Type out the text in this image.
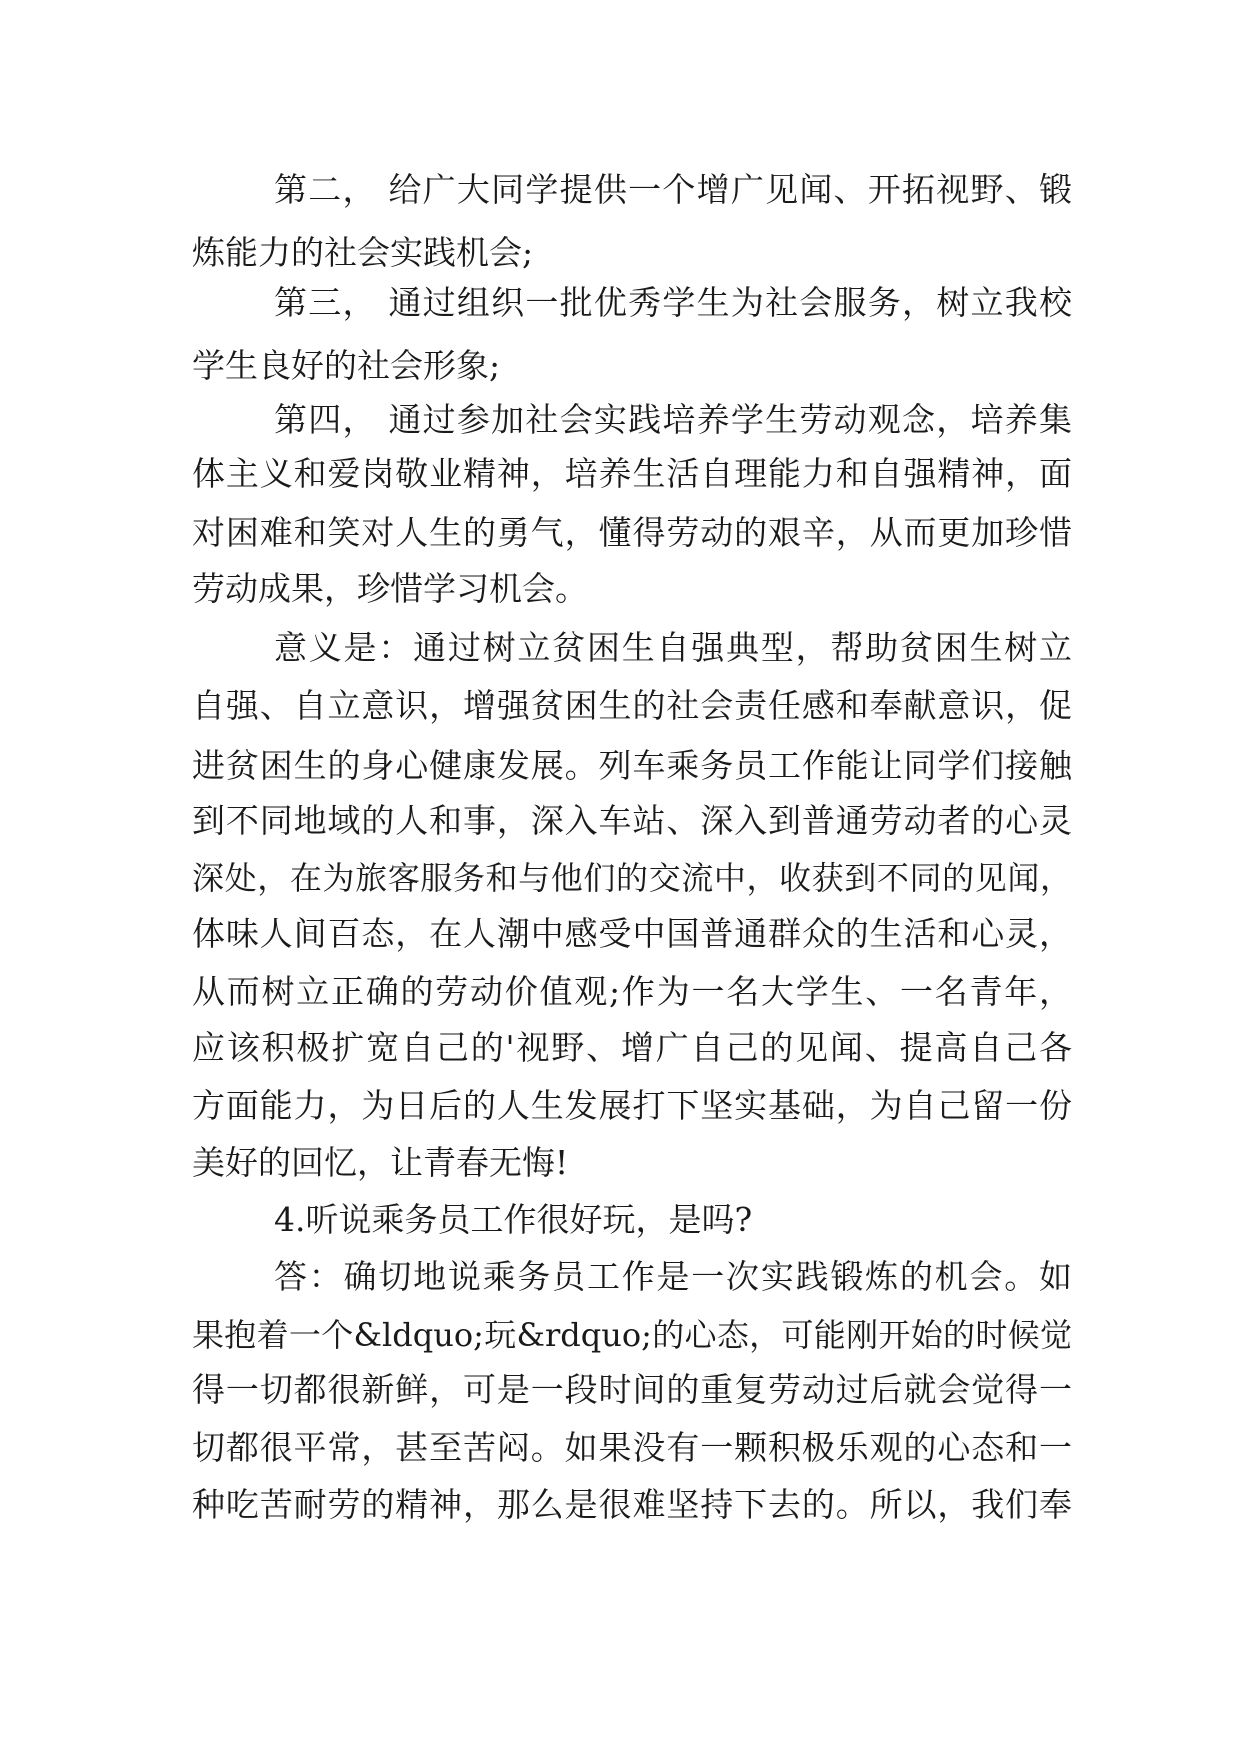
第二， 给广大同学提供一个增广见闻、开拓视野、锻
炼能力的社会实践机会;
第三， 通过组织一批优秀学生为社会服务，树立我校
学生良好的社会形象;
第四， 通过参加社会实践培养学生劳动观念，培养集
体主义和爱岗敬业精神，培养生活自理能力和自强精神，面
对困难和笑对人生的勇气，懂得劳动的艰辛，从而更加珍惜
劳动成果，珍惜学习机会。
意义是：通过树立贫困生自强典型，帮助贫困生树立
自强、自立意识，增强贫困生的社会责任感和奉献意识，促
进贫困生的身心健康发展。列车乘务员工作能让同学们接触
到不同地域的人和事，深入车站、深入到普通劳动者的心灵
深处，在为旅客服务和与他们的交流中，收获到不同的见闻，
体味人间百态，在人潮中感受中国普通群众的生活和心灵，
从而树立正确的劳动价值观;作为一名大学生、一名青年，
应该积极扩宽自己的'视野、增广自己的见闻、提高自己各
方面能力，为日后的人生发展打下坚实基础，为自己留一份
美好的回忆，让青春无悔!
4.听说乘务员工作很好玩，是吗?
答：确切地说乘务员工作是一次实践锻炼的机会。如
果抱着一个&ldquo;玩&rdquo;的心态，可能刚开始的时候觉
得一切都很新鲜，可是一段时间的重复劳动过后就会觉得一
切都很平常，甚至苦闷。如果没有一颗积极乐观的心态和一
种吃苦耐劳的精神，那么是很难坚持下去的。所以，我们奉
